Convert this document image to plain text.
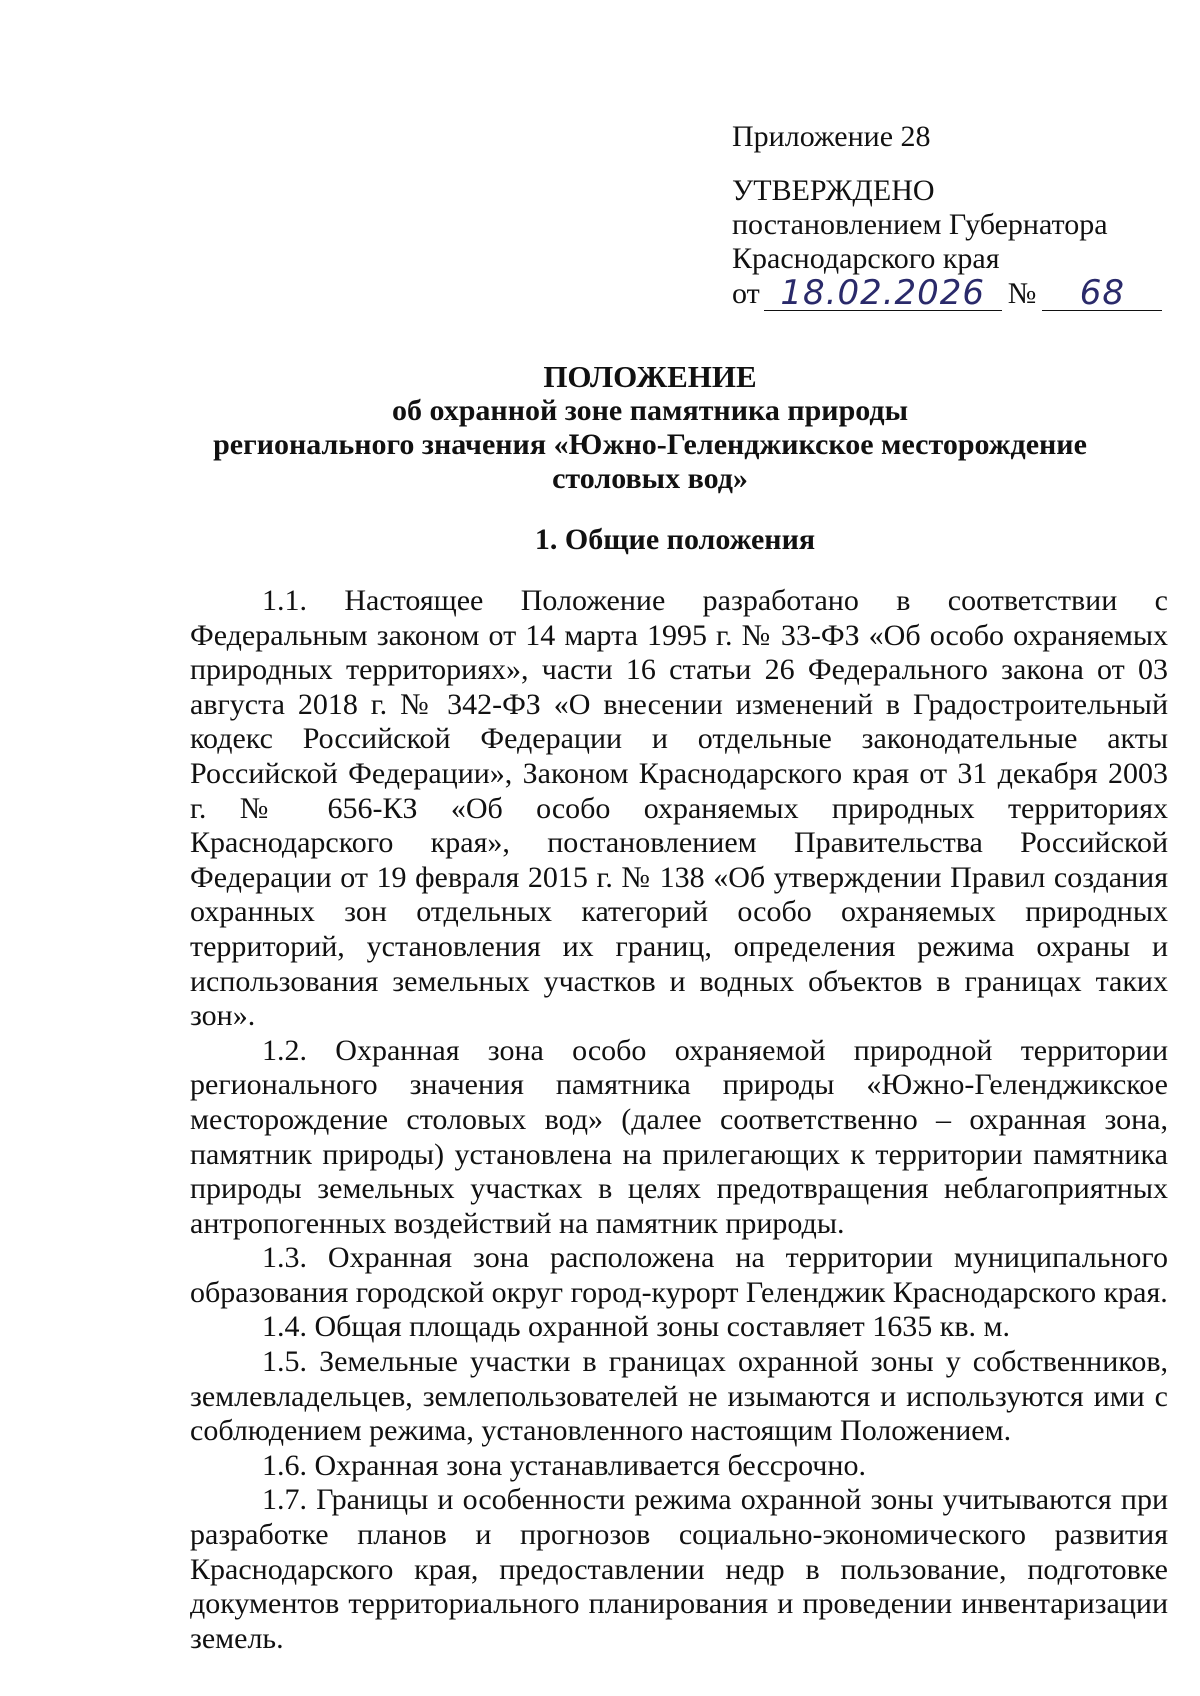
Приложение 28

УТВЕРЖДЕНО

постановлением Губернатора

Краснодарского края

от 18.02.2026 №	68

ПОЛОЖЕНИЕ

об охранной зоне памятника природы

регионального значения «Южно-Геленджикское месторождение

столовых вод»

1. Общие положения

1.1. Настоящее Положение разработано в соответствии с Федеральным законом от 14 марта 1995 г. № 33-ФЗ «Об особо охраняемых природных территориях», части 16 статьи 26 Федерального закона от 03 августа 2018 г. № 342-ФЗ «О внесении изменений в Градостроительный кодекс Российской Федерации и отдельные законодательные акты Российской Федерации», Законом Краснодарского края от 31 декабря 2003 г. № 656-КЗ «Об особо охраняемых природных территориях Краснодарского края», постановлением Правительства Российской Федерации от 19 февраля 2015 г. № 138 «Об утверждении Правил создания охранных зон отдельных категорий особо охраняемых природных территорий, установления их границ, определения режима охраны и использования земельных участков и водных объектов в границах таких зон».

1.2. Охранная зона особо охраняемой природной территории регионального значения памятника природы «Южно-Геленджикское месторождение столовых вод» (далее соответственно – охранная зона, памятник природы) установлена на прилегающих к территории памятника природы земельных участках в целях предотвращения неблагоприятных антропогенных воздействий на памятник природы.

1.3. Охранная зона расположена на территории муниципального образования городской округ город-курорт Геленджик Краснодарского края.

1.4. Общая площадь охранной зоны составляет 1635 кв. м.

1.5. Земельные участки в границах охранной зоны у собственников, землевладельцев, землепользователей не изымаются и используются ими с соблюдением режима, установленного настоящим Положением.

1.6. Охранная зона устанавливается бессрочно.

1.7. Границы и особенности режима охранной зоны учитываются при разработке планов и прогнозов социально-экономического развития Краснодарского края, предоставлении недр в пользование, подготовке документов территориального планирования и проведении инвентаризации земель.
